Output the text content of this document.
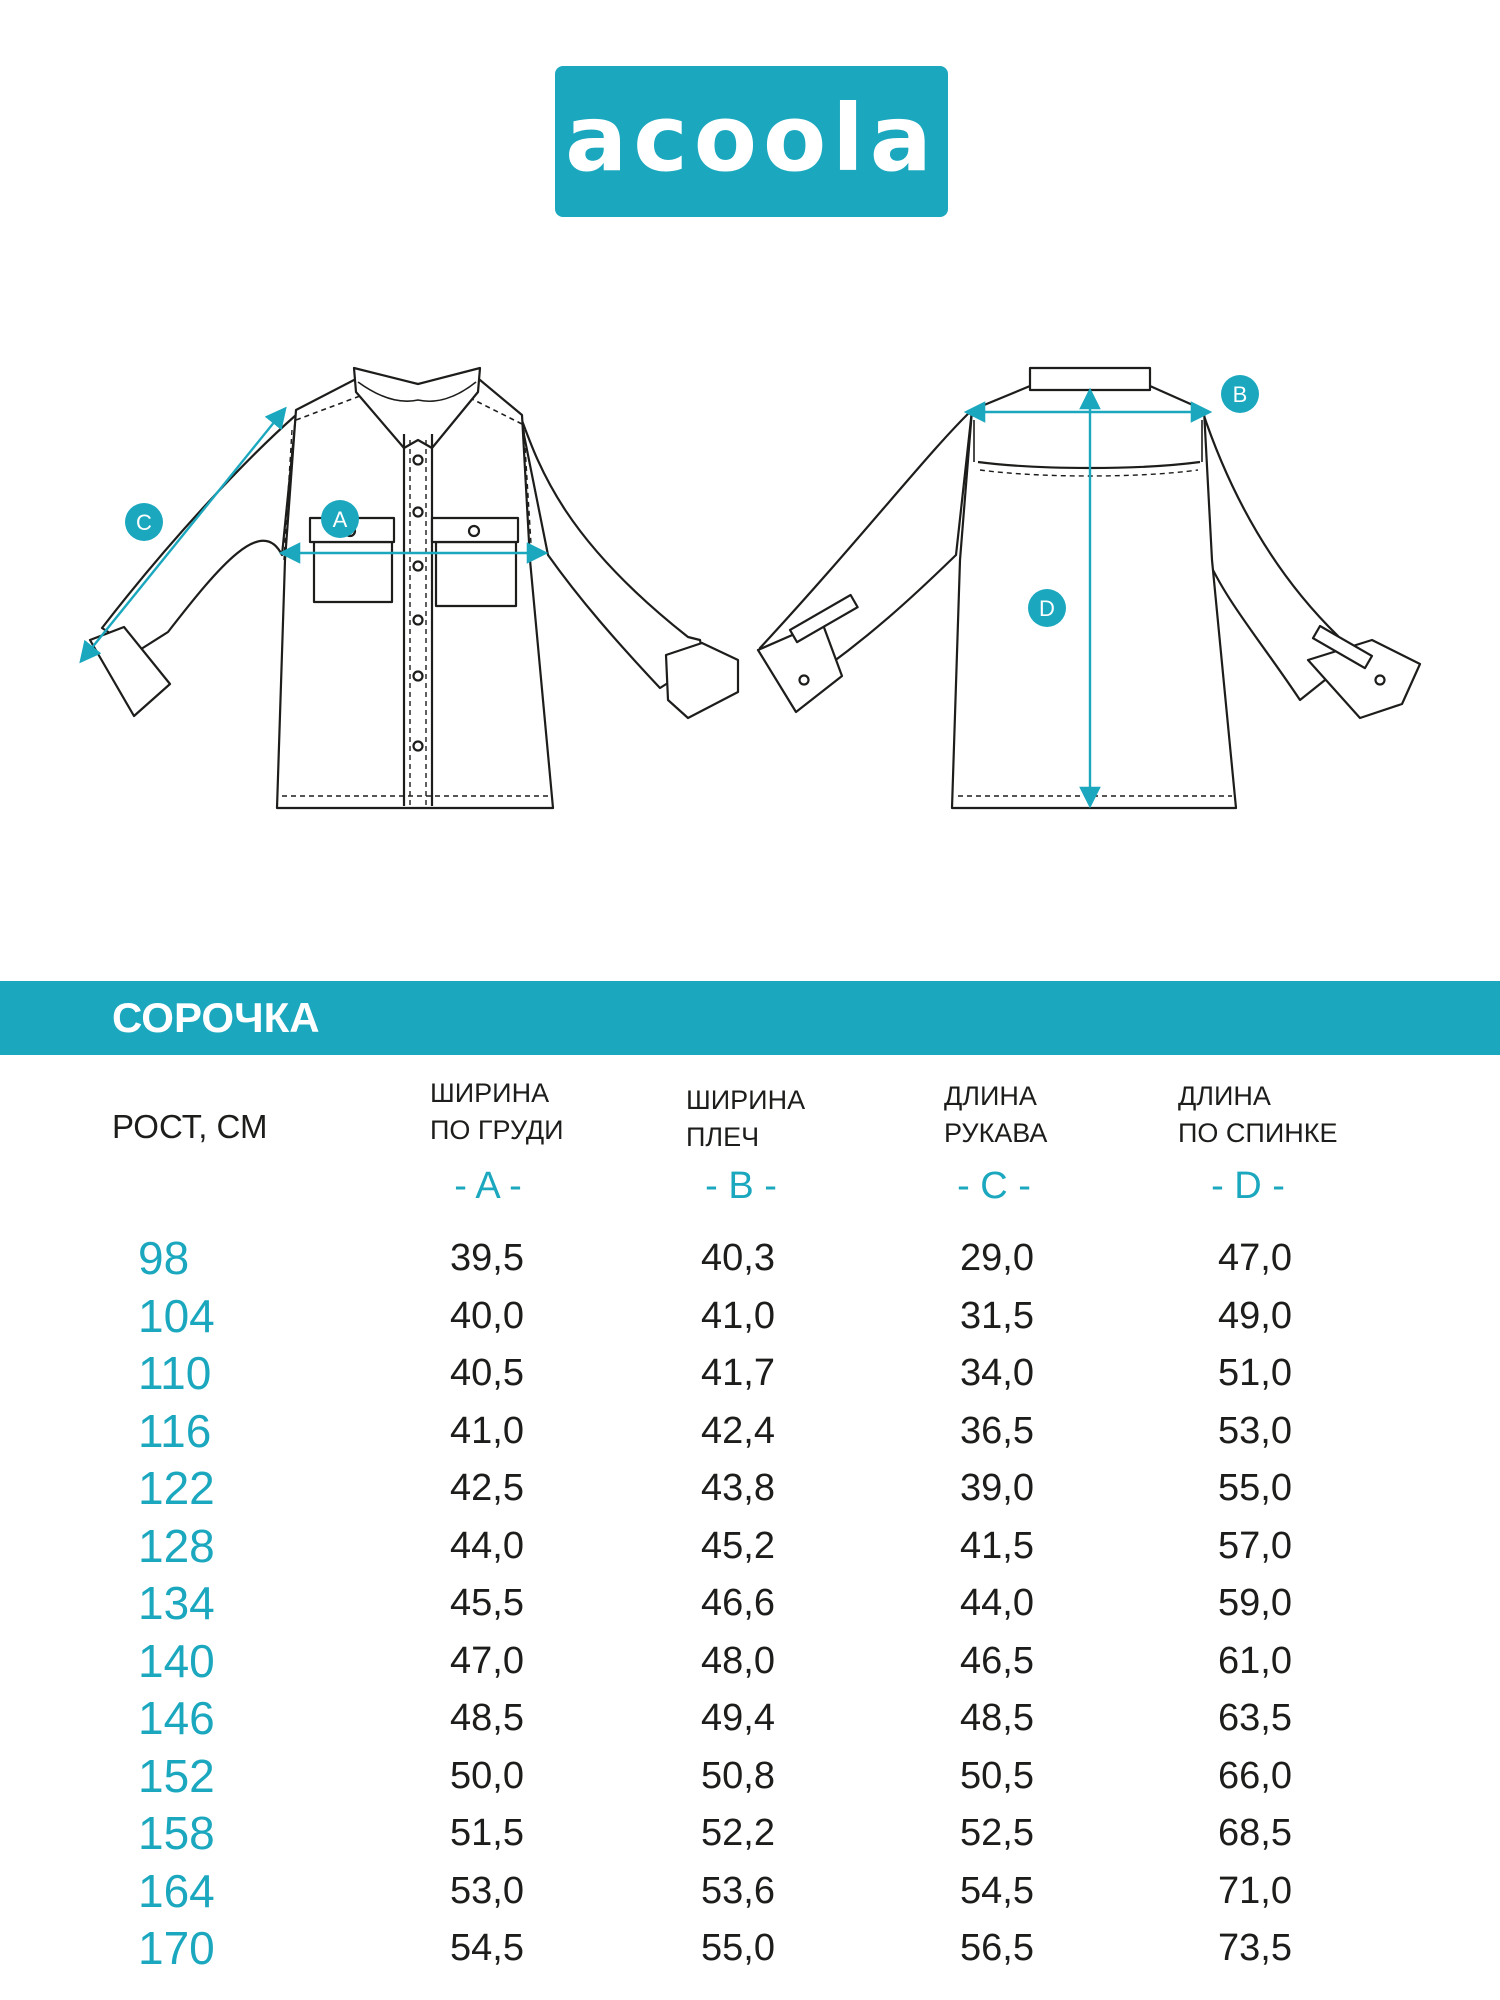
acoola
A
B
C
D
СОРОЧКА
РОСТ, СМ
ШИРИНА
ПО ГРУДИ
ШИРИНА
ПЛЕЧ
ДЛИНА
РУКАВА
ДЛИНА
ПО СПИНКЕ
- A -	- B -	- C -	- D -
98	39,5	40,3	29,0	47,0
104	40,0	41,0	31,5	49,0
110	40,5	41,7	34,0	51,0
116	41,0	42,4	36,5	53,0
122	42,5	43,8	39,0	55,0
128	44,0	45,2	41,5	57,0
134	45,5	46,6	44,0	59,0
140	47,0	48,0	46,5	61,0
146	48,5	49,4	48,5	63,5
152	50,0	50,8	50,5	66,0
158	51,5	52,2	52,5	68,5
164	53,0	53,6	54,5	71,0
170	54,5	55,0	56,5	73,5
